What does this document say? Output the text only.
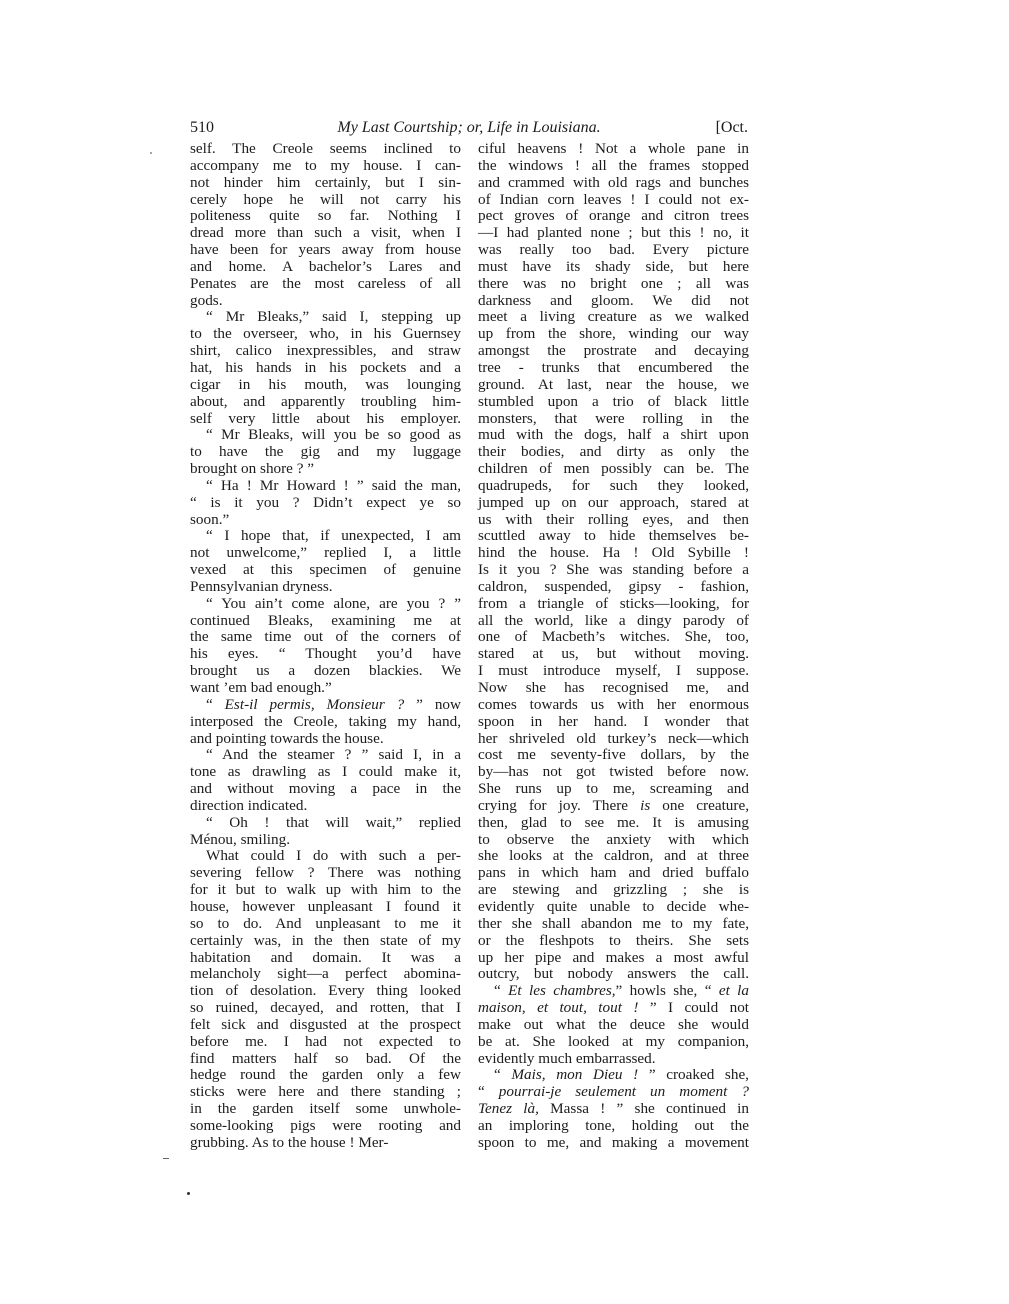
510	My Last Courtship; or, Life in Louisiana.	[Oct.
self. The Creole seems inclined to
accompany me to my house. I can-
not hinder him certainly, but I sin-
cerely hope he will not carry his
politeness quite so far. Nothing I
dread more than such a visit, when I
have been for years away from house
and home. A bachelor’s Lares and
Penates are the most careless of all
gods.
“ Mr Bleaks,” said I, stepping up
to the overseer, who, in his Guernsey
shirt, calico inexpressibles, and straw
hat, his hands in his pockets and a
cigar in his mouth, was lounging
about, and apparently troubling him-
self very little about his employer.
“ Mr Bleaks, will you be so good as
to have the gig and my luggage
brought on shore ? ”
“ Ha ! Mr Howard ! ” said the man,
“ is it you ? Didn’t expect ye so
soon.”
“ I hope that, if unexpected, I am
not unwelcome,” replied I, a little
vexed at this specimen of genuine
Pennsylvanian dryness.
“ You ain’t come alone, are you ? ”
continued Bleaks, examining me at
the same time out of the corners of
his eyes. “ Thought you’d have
brought us a dozen blackies. We
want ’em bad enough.”
“ Est-il permis, Monsieur ? ” now
interposed the Creole, taking my hand,
and pointing towards the house.
“ And the steamer ? ” said I, in a
tone as drawling as I could make it,
and without moving a pace in the
direction indicated.
“ Oh ! that will wait,” replied
Ménou, smiling.
What could I do with such a per-
severing fellow ? There was nothing
for it but to walk up with him to the
house, however unpleasant I found it
so to do. And unpleasant to me it
certainly was, in the then state of my
habitation and domain. It was a
melancholy sight—a perfect abomina-
tion of desolation. Every thing looked
so ruined, decayed, and rotten, that I
felt sick and disgusted at the prospect
before me. I had not expected to
find matters half so bad. Of the
hedge round the garden only a few
sticks were here and there standing ;
in the garden itself some unwhole-
some-looking pigs were rooting and
grubbing. As to the house ! Mer-
ciful heavens ! Not a whole pane in
the windows ! all the frames stopped
and crammed with old rags and bunches
of Indian corn leaves ! I could not ex-
pect groves of orange and citron trees
—I had planted none ; but this ! no, it
was really too bad. Every picture
must have its shady side, but here
there was no bright one ; all was
darkness and gloom. We did not
meet a living creature as we walked
up from the shore, winding our way
amongst the prostrate and decaying
tree - trunks that encumbered the
ground. At last, near the house, we
stumbled upon a trio of black little
monsters, that were rolling in the
mud with the dogs, half a shirt upon
their bodies, and dirty as only the
children of men possibly can be. The
quadrupeds, for such they looked,
jumped up on our approach, stared at
us with their rolling eyes, and then
scuttled away to hide themselves be-
hind the house. Ha ! Old Sybille !
Is it you ? She was standing before a
caldron, suspended, gipsy - fashion,
from a triangle of sticks—looking, for
all the world, like a dingy parody of
one of Macbeth’s witches. She, too,
stared at us, but without moving.
I must introduce myself, I suppose.
Now she has recognised me, and
comes towards us with her enormous
spoon in her hand. I wonder that
her shriveled old turkey’s neck—which
cost me seventy-five dollars, by the
by—has not got twisted before now.
She runs up to me, screaming and
crying for joy. There is one creature,
then, glad to see me. It is amusing
to observe the anxiety with which
she looks at the caldron, and at three
pans in which ham and dried buffalo
are stewing and grizzling ; she is
evidently quite unable to decide whe-
ther she shall abandon me to my fate,
or the fleshpots to theirs. She sets
up her pipe and makes a most awful
outcry, but nobody answers the call.
“ Et les chambres,” howls she, “ et la
maison, et tout, tout ! ” I could not
make out what the deuce she would
be at. She looked at my companion,
evidently much embarrassed.
“ Mais, mon Dieu ! ” croaked she,
“ pourrai-je seulement un moment ?
Tenez là, Massa ! ” she continued in
an imploring tone, holding out the
spoon to me, and making a movement
